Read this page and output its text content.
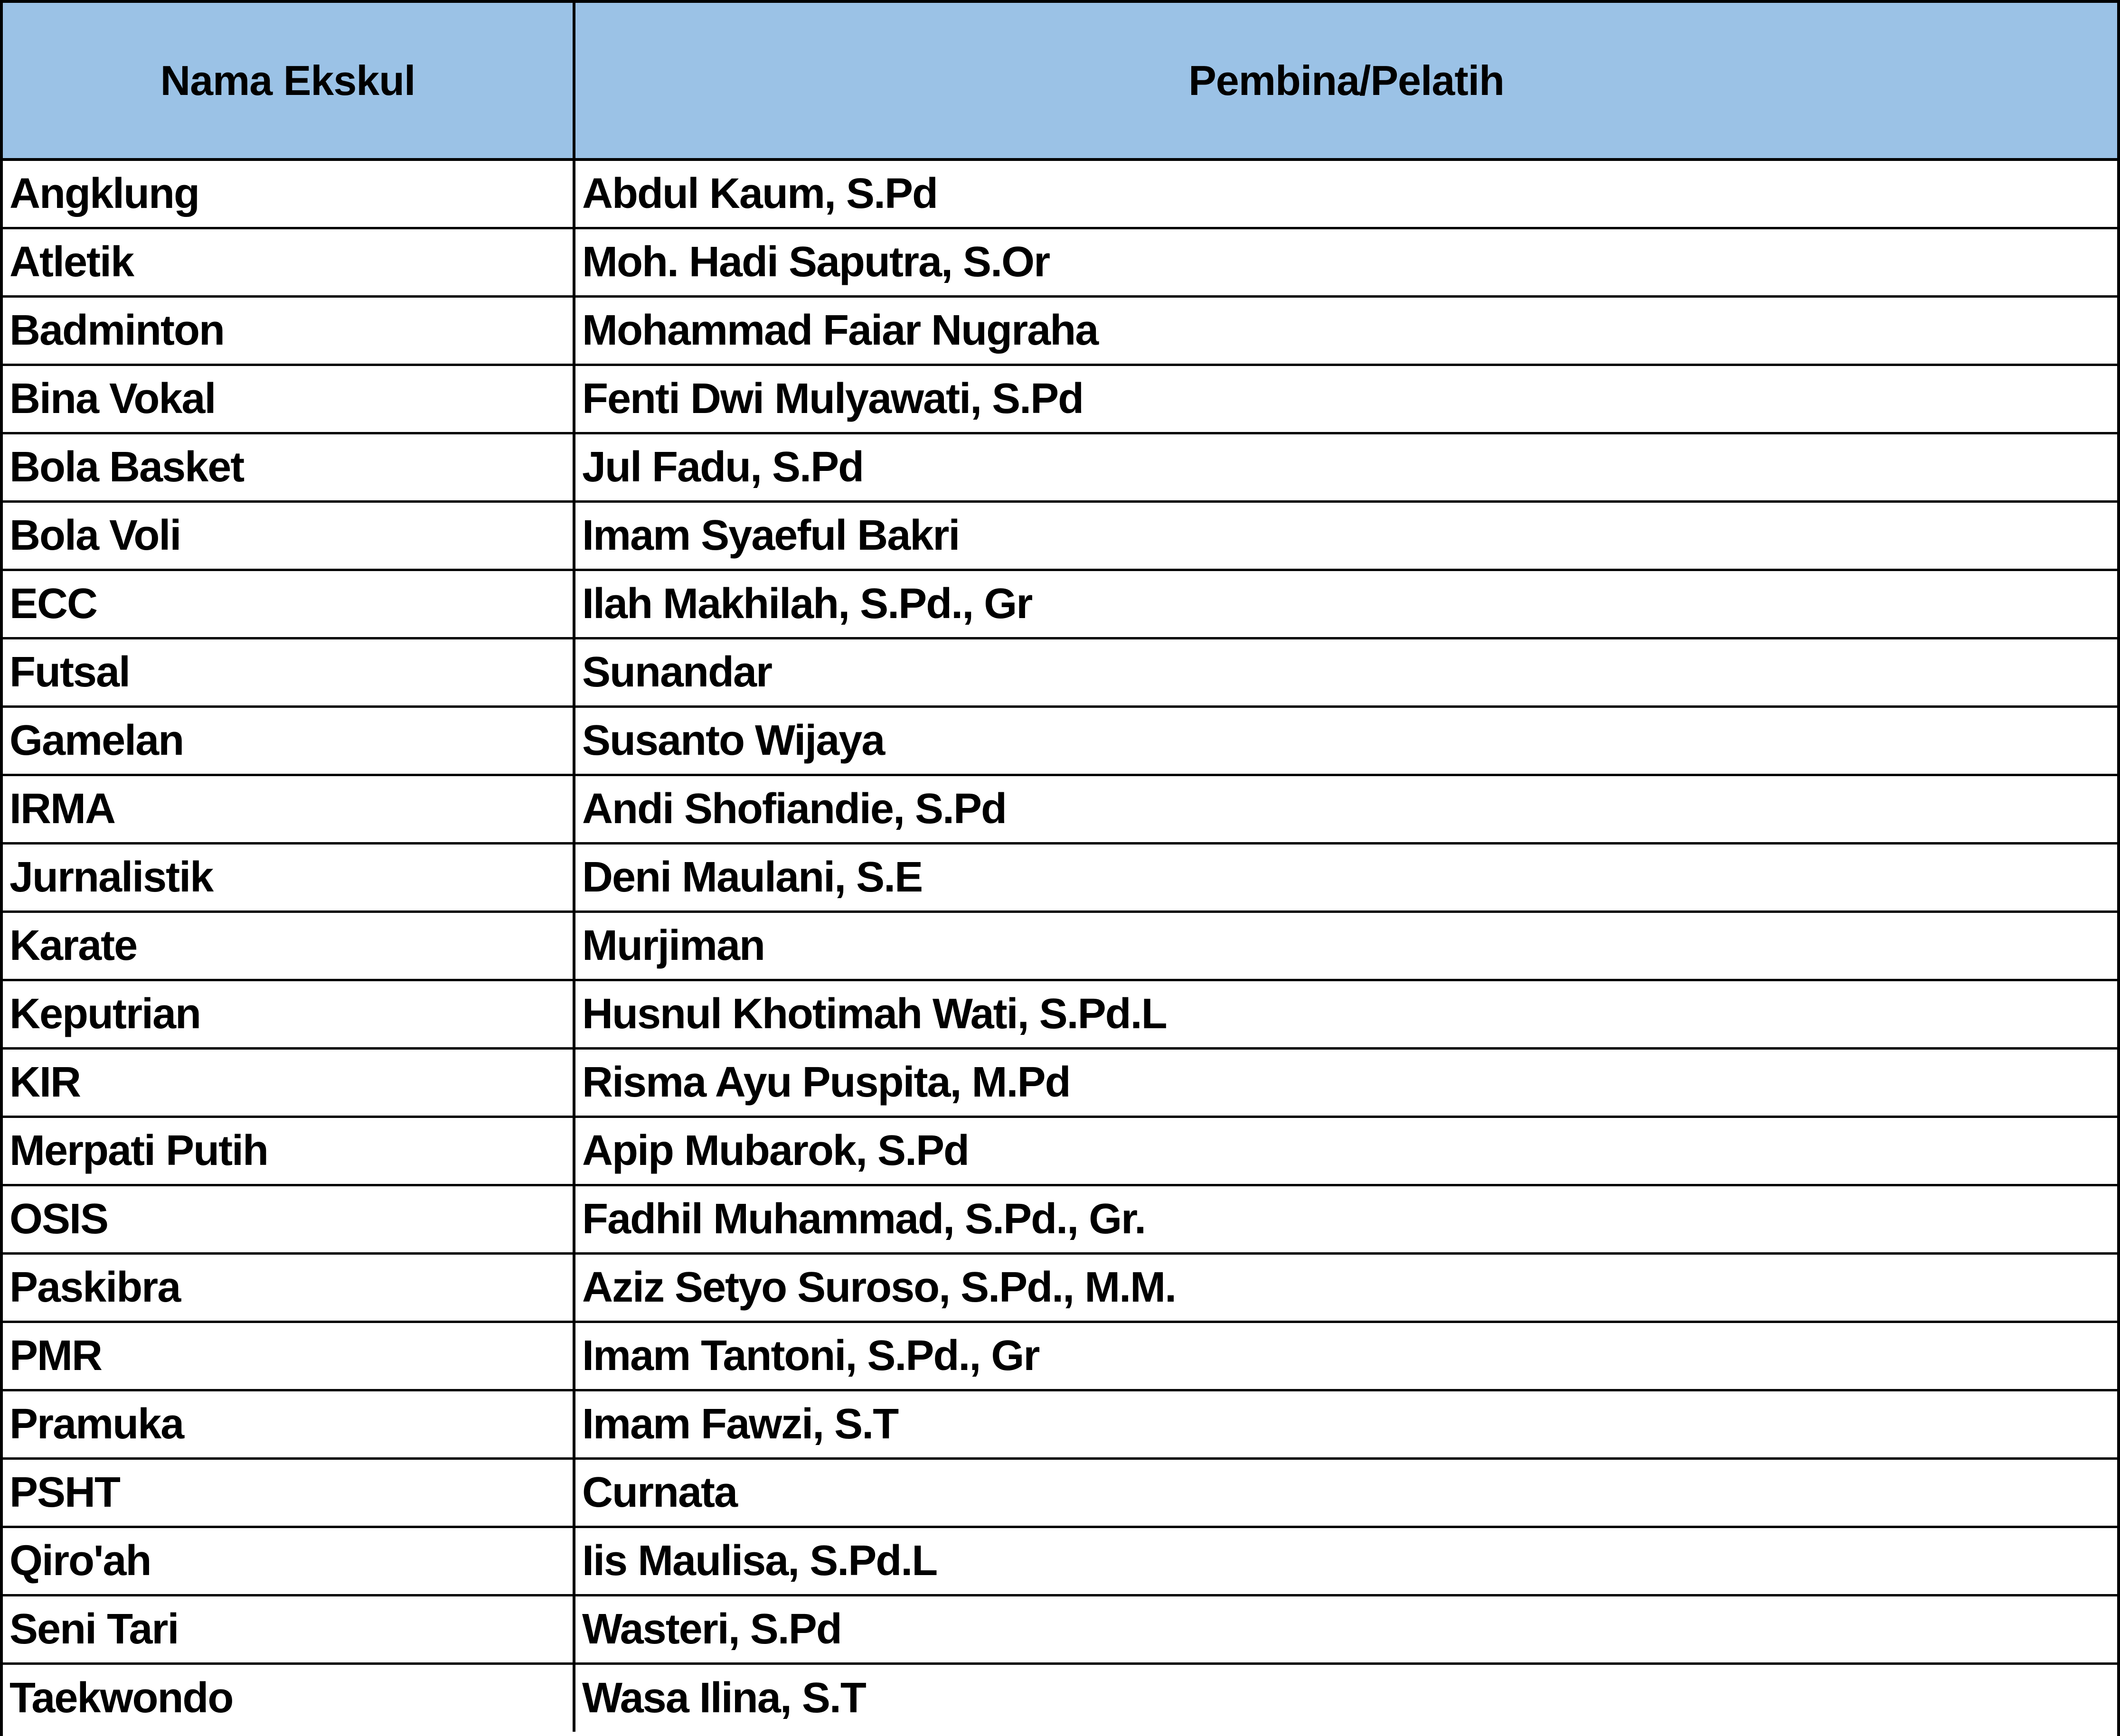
Nama Ekskul	Pembina/Pelatih
Angklung	Abdul Kaum, S.Pd
Atletik	Moh. Hadi Saputra, S.Or
Badminton	Mohammad Faiar Nugraha
Bina Vokal	Fenti Dwi Mulyawati, S.Pd
Bola Basket	Jul Fadu, S.Pd
Bola Voli	Imam Syaeful Bakri
ECC	Ilah Makhilah, S.Pd., Gr
Futsal	Sunandar
Gamelan	Susanto Wijaya
IRMA	Andi Shofiandie, S.Pd
Jurnalistik	Deni Maulani, S.E
Karate	Murjiman
Keputrian	Husnul Khotimah Wati, S.Pd.L
KIR	Risma Ayu Puspita, M.Pd
Merpati Putih	Apip Mubarok, S.Pd
OSIS	Fadhil Muhammad, S.Pd., Gr.
Paskibra	Aziz Setyo Suroso, S.Pd., M.M.
PMR	Imam Tantoni, S.Pd., Gr
Pramuka	Imam Fawzi, S.T
PSHT	Curnata
Qiro'ah	Iis Maulisa, S.Pd.L
Seni Tari	Wasteri, S.Pd
Taekwondo	Wasa Ilina, S.T
